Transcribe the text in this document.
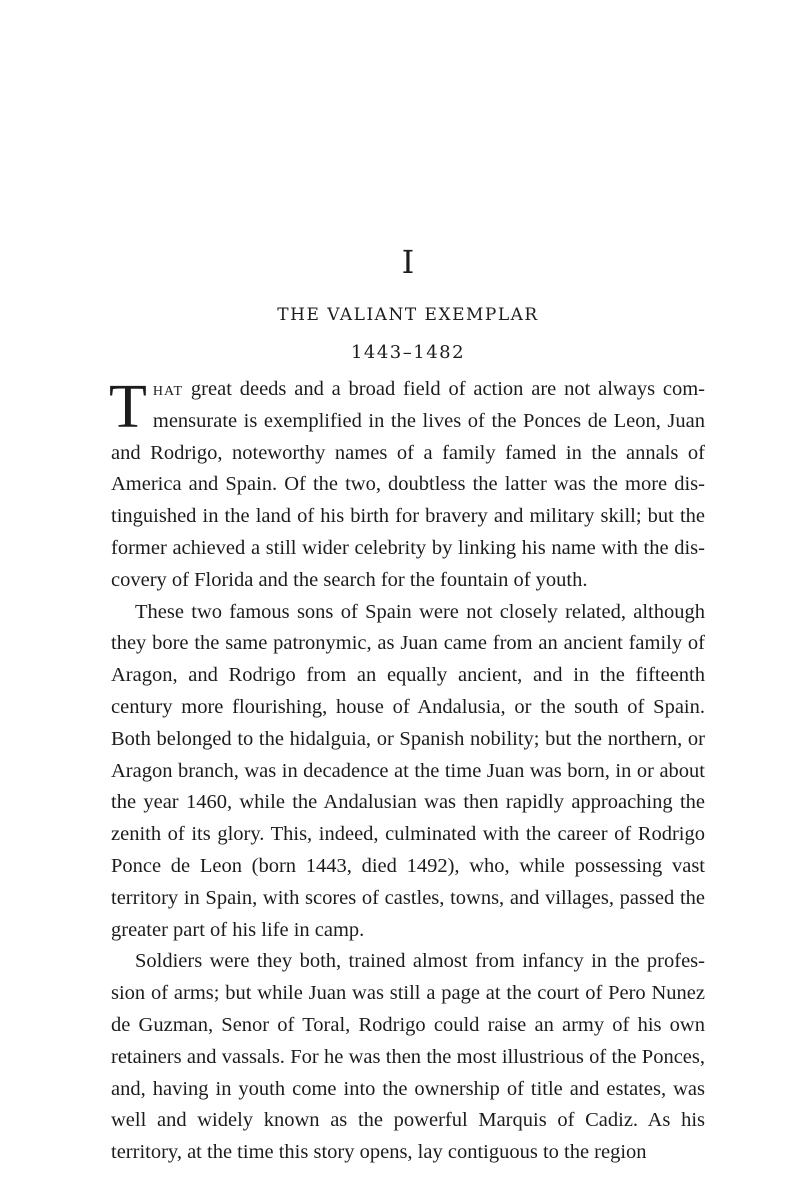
I
THE VALIANT EXEMPLAR

1443–1482

That great deeds and a broad field of action are not always commensurate is exemplified in the lives of the Ponces de Leon, Juan and Rodrigo, noteworthy names of a family famed in the annals of America and Spain. Of the two, doubtless the latter was the more distinguished in the land of his birth for bravery and military skill; but the former achieved a still wider celebrity by linking his name with the discovery of Florida and the search for the fountain of youth.

These two famous sons of Spain were not closely related, although they bore the same patronymic, as Juan came from an ancient family of Aragon, and Rodrigo from an equally ancient, and in the fifteenth century more flourishing, house of Andalusia, or the south of Spain. Both belonged to the hidalguia, or Spanish nobility; but the northern, or Aragon branch, was in decadence at the time Juan was born, in or about the year 1460, while the Andalusian was then rapidly approaching the zenith of its glory. This, indeed, culminated with the career of Rodrigo Ponce de Leon (born 1443, died 1492), who, while possessing vast territory in Spain, with scores of castles, towns, and villages, passed the greater part of his life in camp.

Soldiers were they both, trained almost from infancy in the profession of arms; but while Juan was still a page at the court of Pero Nunez de Guzman, Senor of Toral, Rodrigo could raise an army of his own retainers and vassals. For he was then the most illustrious of the Ponces, and, having in youth come into the ownership of title and estates, was well and widely known as the powerful Marquis of Cadiz. As his territory, at the time this story opens, lay contiguous to the region
